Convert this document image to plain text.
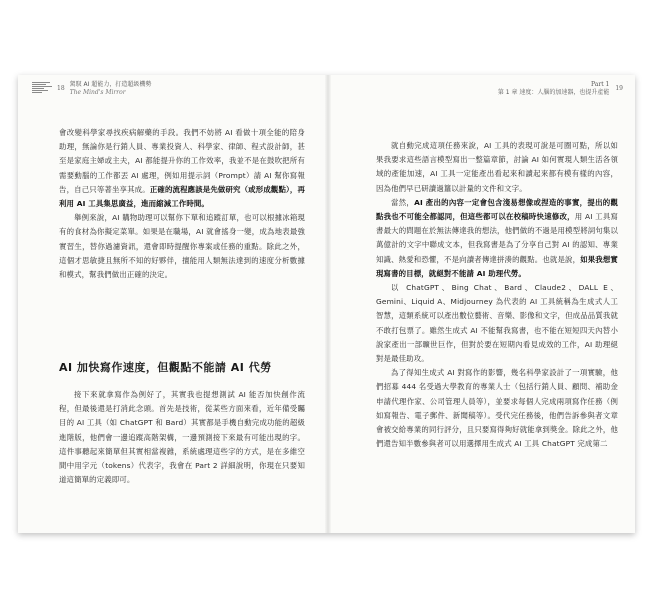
18
駕馭 AI 超能力，打造超級機勢
The Mind's Mirror

會改變科學家尋找疾病解藥的手段。我們不妨將 AI 看做十項全能的陪身助理，無論你是行銷人員、專業投資人、科學家、律師、程式設計師，甚至是家庭主婦或主夫，AI 都能提升你的工作效率，我並不是在鼓吹把所有需要動腦的工作都丟 AI 處理，例如用提示詞（Prompt）請 AI 幫你寫報告，自己只等著坐享其成。正確的流程應該是先做研究（或形成觀點），再利用 AI 工具集思廣益，進而縮減工作時間。

舉例來說，AI 購物助理可以幫你下單和追蹤訂單，也可以根據冰箱現有的食材為你擬定菜單。如果是在職場，AI 就會搖身一變，成為地表最強實習生，替你過濾資訊，還會即時提醒你專案或任務的重點。除此之外，這個才思敏捷且無所不知的好夥伴，擅能用人類無法達到的速度分析數據和模式，幫我們做出正確的決定。

AI 加快寫作速度，但觀點不能請 AI 代勞

接下來就拿寫作為例好了，其實我也提想測試 AI 能否加快創作流程，但最後還是打消此念頭。首先是技術，從某些方面來看，近年備受矚目的 AI 工具（如 ChatGPT 和 Bard）其實都是手機自動完成功能的超級進階版，他們會一邊追蹤高階架構，一邊預測接下來最有可能出現的字。這件事聽起來簡單但其實相當複雜，系統處理這些字的方式，是在多維空間中用字元（tokens）代表字，我會在 Part 2 詳細說明，你現在只要知道這簡單的定義即可。

Part 1
第 1 章 速度：人腦的加速器，也提升產能
19

就自動完成這項任務來說，AI 工具的表現可說是可圈可點，所以如果我要求這些語言模型寫出一整篇章節，討論 AI 如何實現人類生活各領域的產能加速，AI 工具一定能產出看起來和讀起來都有模有樣的內容，因為他們早已研讀過籮以計量的文件和文字。

當然，AI 產出的內容一定會包含淺易想像或捏造的事實，提出的觀點我也不可能全都認同，但這些都可以在校稿時快速修改，用 AI 工具寫書最大的問題在於無法傳達我的想法，他們做的不過是用模型將詞句集以萬億計的文字中聯成文本，但我寫書是為了分享自己對 AI 的認知、專業知識、熱愛和恐懼，不是向讀者傳達拼湊的觀點。也就是說，如果我想實現寫書的目標，就絕對不能請 AI 助理代勞。

以 ChatGPT、Bing Chat、Bard、Claude2、DALL E、Gemini、Liquid A、Midjourney 為代表的 AI 工具統稱為生成式人工智慧，這類系統可以產出數位藝術、音樂、影像和文字，但成品品質我就不敢打包票了。雖然生成式 AI 不能幫我寫書，也不能在短短四天內替小說家產出一部曠世巨作，但對於要在短期內看見成效的工作，AI 助理絕對是最佳助攻。

為了得知生成式 AI 對寫作的影響，幾名科學家設計了一項實驗，他們招募 444 名受過大學教育的專業人士（包括行銷人員、顧問、補助金申請代理作家、公司管理人員等），並要求每個人完成兩項寫作任務（例如寫報告、電子郵件、新聞稿等）。受代完任務後，他們告訴參與者文章會被交給專業的同行評分，且只要寫得夠好就能拿到獎金。除此之外，他們還告知半數參與者可以用選擇用生成式 AI 工具 ChatGPT 完成第二
